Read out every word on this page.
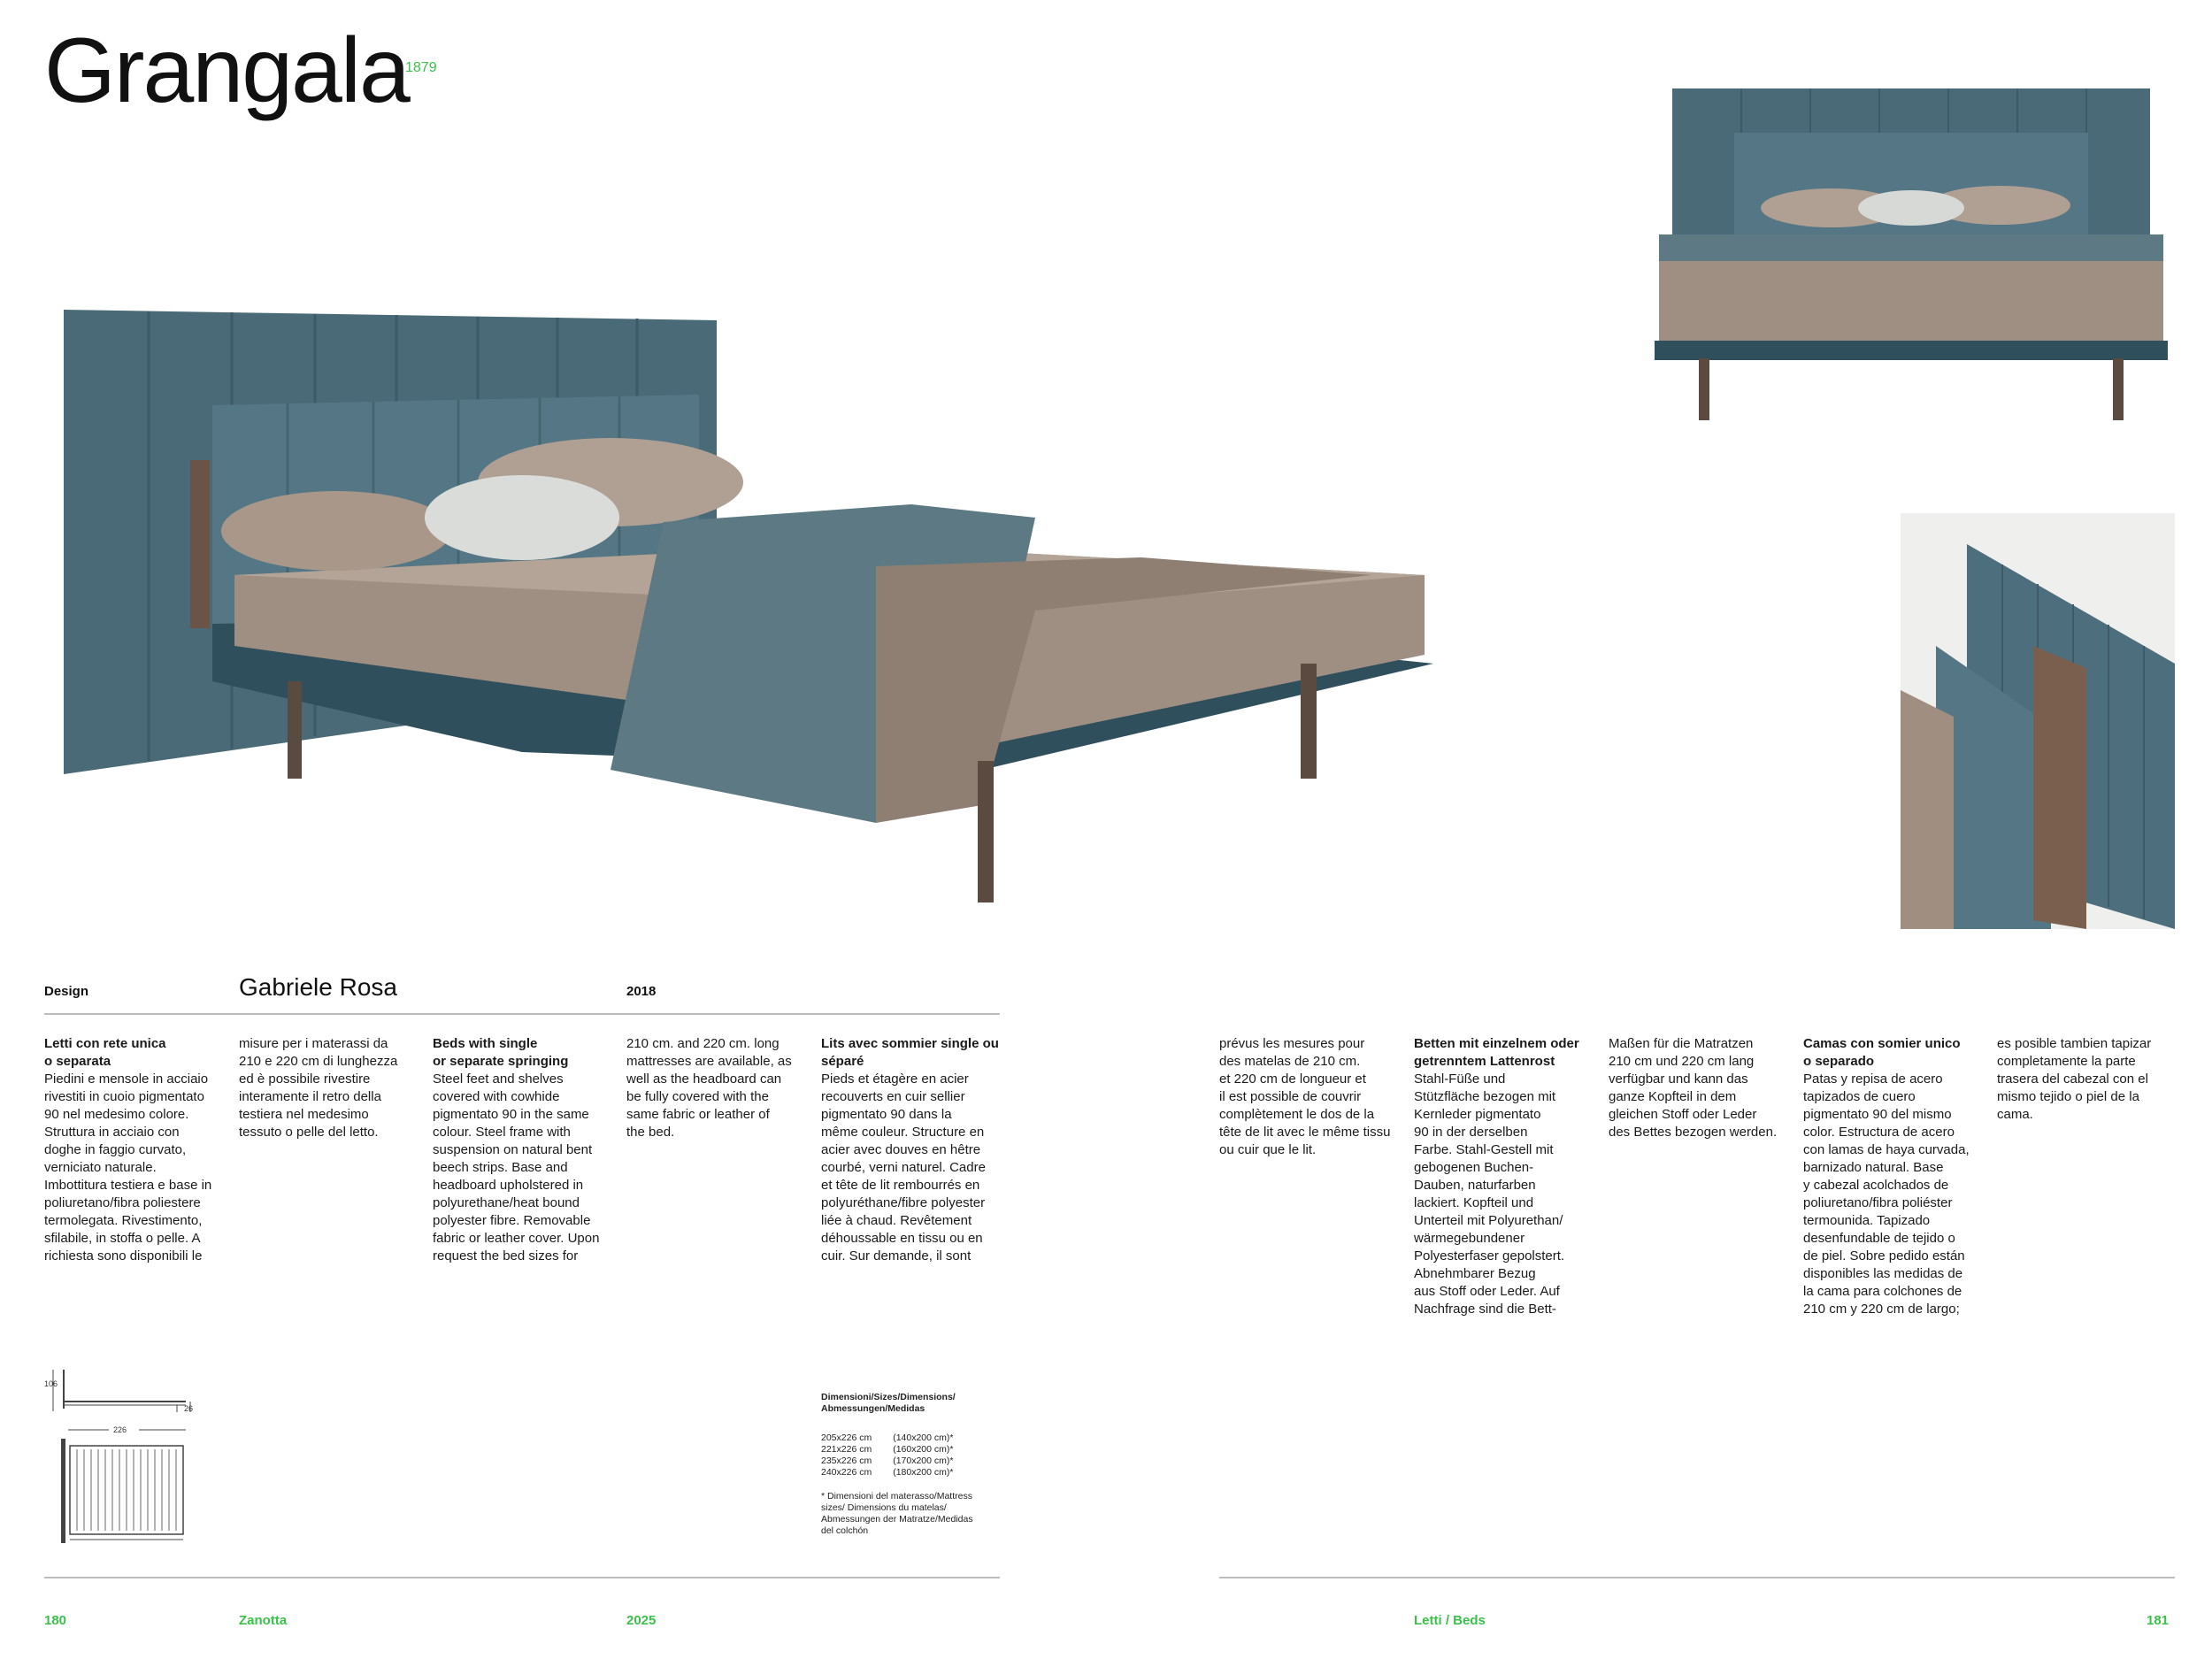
Grangala
1879
Design	Gabriele Rosa	2018
Letti con rete unica
o separata
Piedini e mensole in acciaio
rivestiti in cuoio pigmentato
90 nel medesimo colore.
Struttura in acciaio con
doghe in faggio curvato,
verniciato naturale.
Imbottitura testiera e base in
poliuretano/fibra poliestere
termolegata. Rivestimento,
sfilabile, in stoffa o pelle. A
richiesta sono disponibili le
misure per i materassi da
210 e 220 cm di lunghezza
ed è possibile rivestire
interamente il retro della
testiera nel medesimo
tessuto o pelle del letto.
Beds with single
or separate springing
Steel feet and shelves
covered with cowhide
pigmentato 90 in the same
colour. Steel frame with
suspension on natural bent
beech strips. Base and
headboard upholstered in
polyurethane/heat bound
polyester fibre. Removable
fabric or leather cover. Upon
request the bed sizes for
210 cm. and 220 cm. long
mattresses are available, as
well as the headboard can
be fully covered with the
same fabric or leather of
the bed.
Lits avec sommier single ou
séparé
Pieds et étagère en acier
recouverts en cuir sellier
pigmentato 90 dans la
même couleur. Structure en
acier avec douves en hêtre
courbé, verni naturel. Cadre
et tête de lit rembourrés en
polyuréthane/fibre polyester
liée à chaud. Revêtement
déhoussable en tissu ou en
cuir. Sur demande, il sont
prévus les mesures pour
des matelas de 210 cm.
et 220 cm de longueur et
il est possible de couvrir
complètement le dos de la
tête de lit avec le même tissu
ou cuir que le lit.
Betten mit einzelnem oder
getrenntem Lattenrost
Stahl-Füße und
Stützfläche bezogen mit
Kernleder pigmentato
90 in der derselben
Farbe. Stahl-Gestell mit
gebogenen Buchen-
Dauben, naturfarben
lackiert. Kopfteil und
Unterteil mit Polyurethan/
wärmegebundener
Polyesterfaser gepolstert.
Abnehmbarer Bezug
aus Stoff oder Leder. Auf
Nachfrage sind die Bett-
Maßen für die Matratzen
210 cm und 220 cm lang
verfügbar und kann das
ganze Kopfteil in dem
gleichen Stoff oder Leder
des Bettes bezogen werden.
Camas con somier unico
o separado
Patas y repisa de acero
tapizados de cuero
pigmentato 90 del mismo
color. Estructura de acero
con lamas de haya curvada,
barnizado natural. Base
y cabezal acolchados de
poliuretano/fibra poliéster
termounida. Tapizado
desenfundable de tejido o
de piel. Sobre pedido están
disponibles las medidas de
la cama para colchones de
210 cm y 220 cm de largo;
es posible tambien tapizar
completamente la parte
trasera del cabezal con el
mismo tejido o piel de la
cama.
106
26
226
Dimensioni/Sizes/Dimensions/
Abmessungen/Medidas
205x226 cm	(140x200 cm)*
221x226 cm	(160x200 cm)*
235x226 cm	(170x200 cm)*
240x226 cm	(180x200 cm)*
* Dimensioni del materasso/Mattress
sizes/ Dimensions du matelas/
Abmessungen der Matratze/Medidas
del colchón
180	Zanotta	2025	Letti / Beds	181
